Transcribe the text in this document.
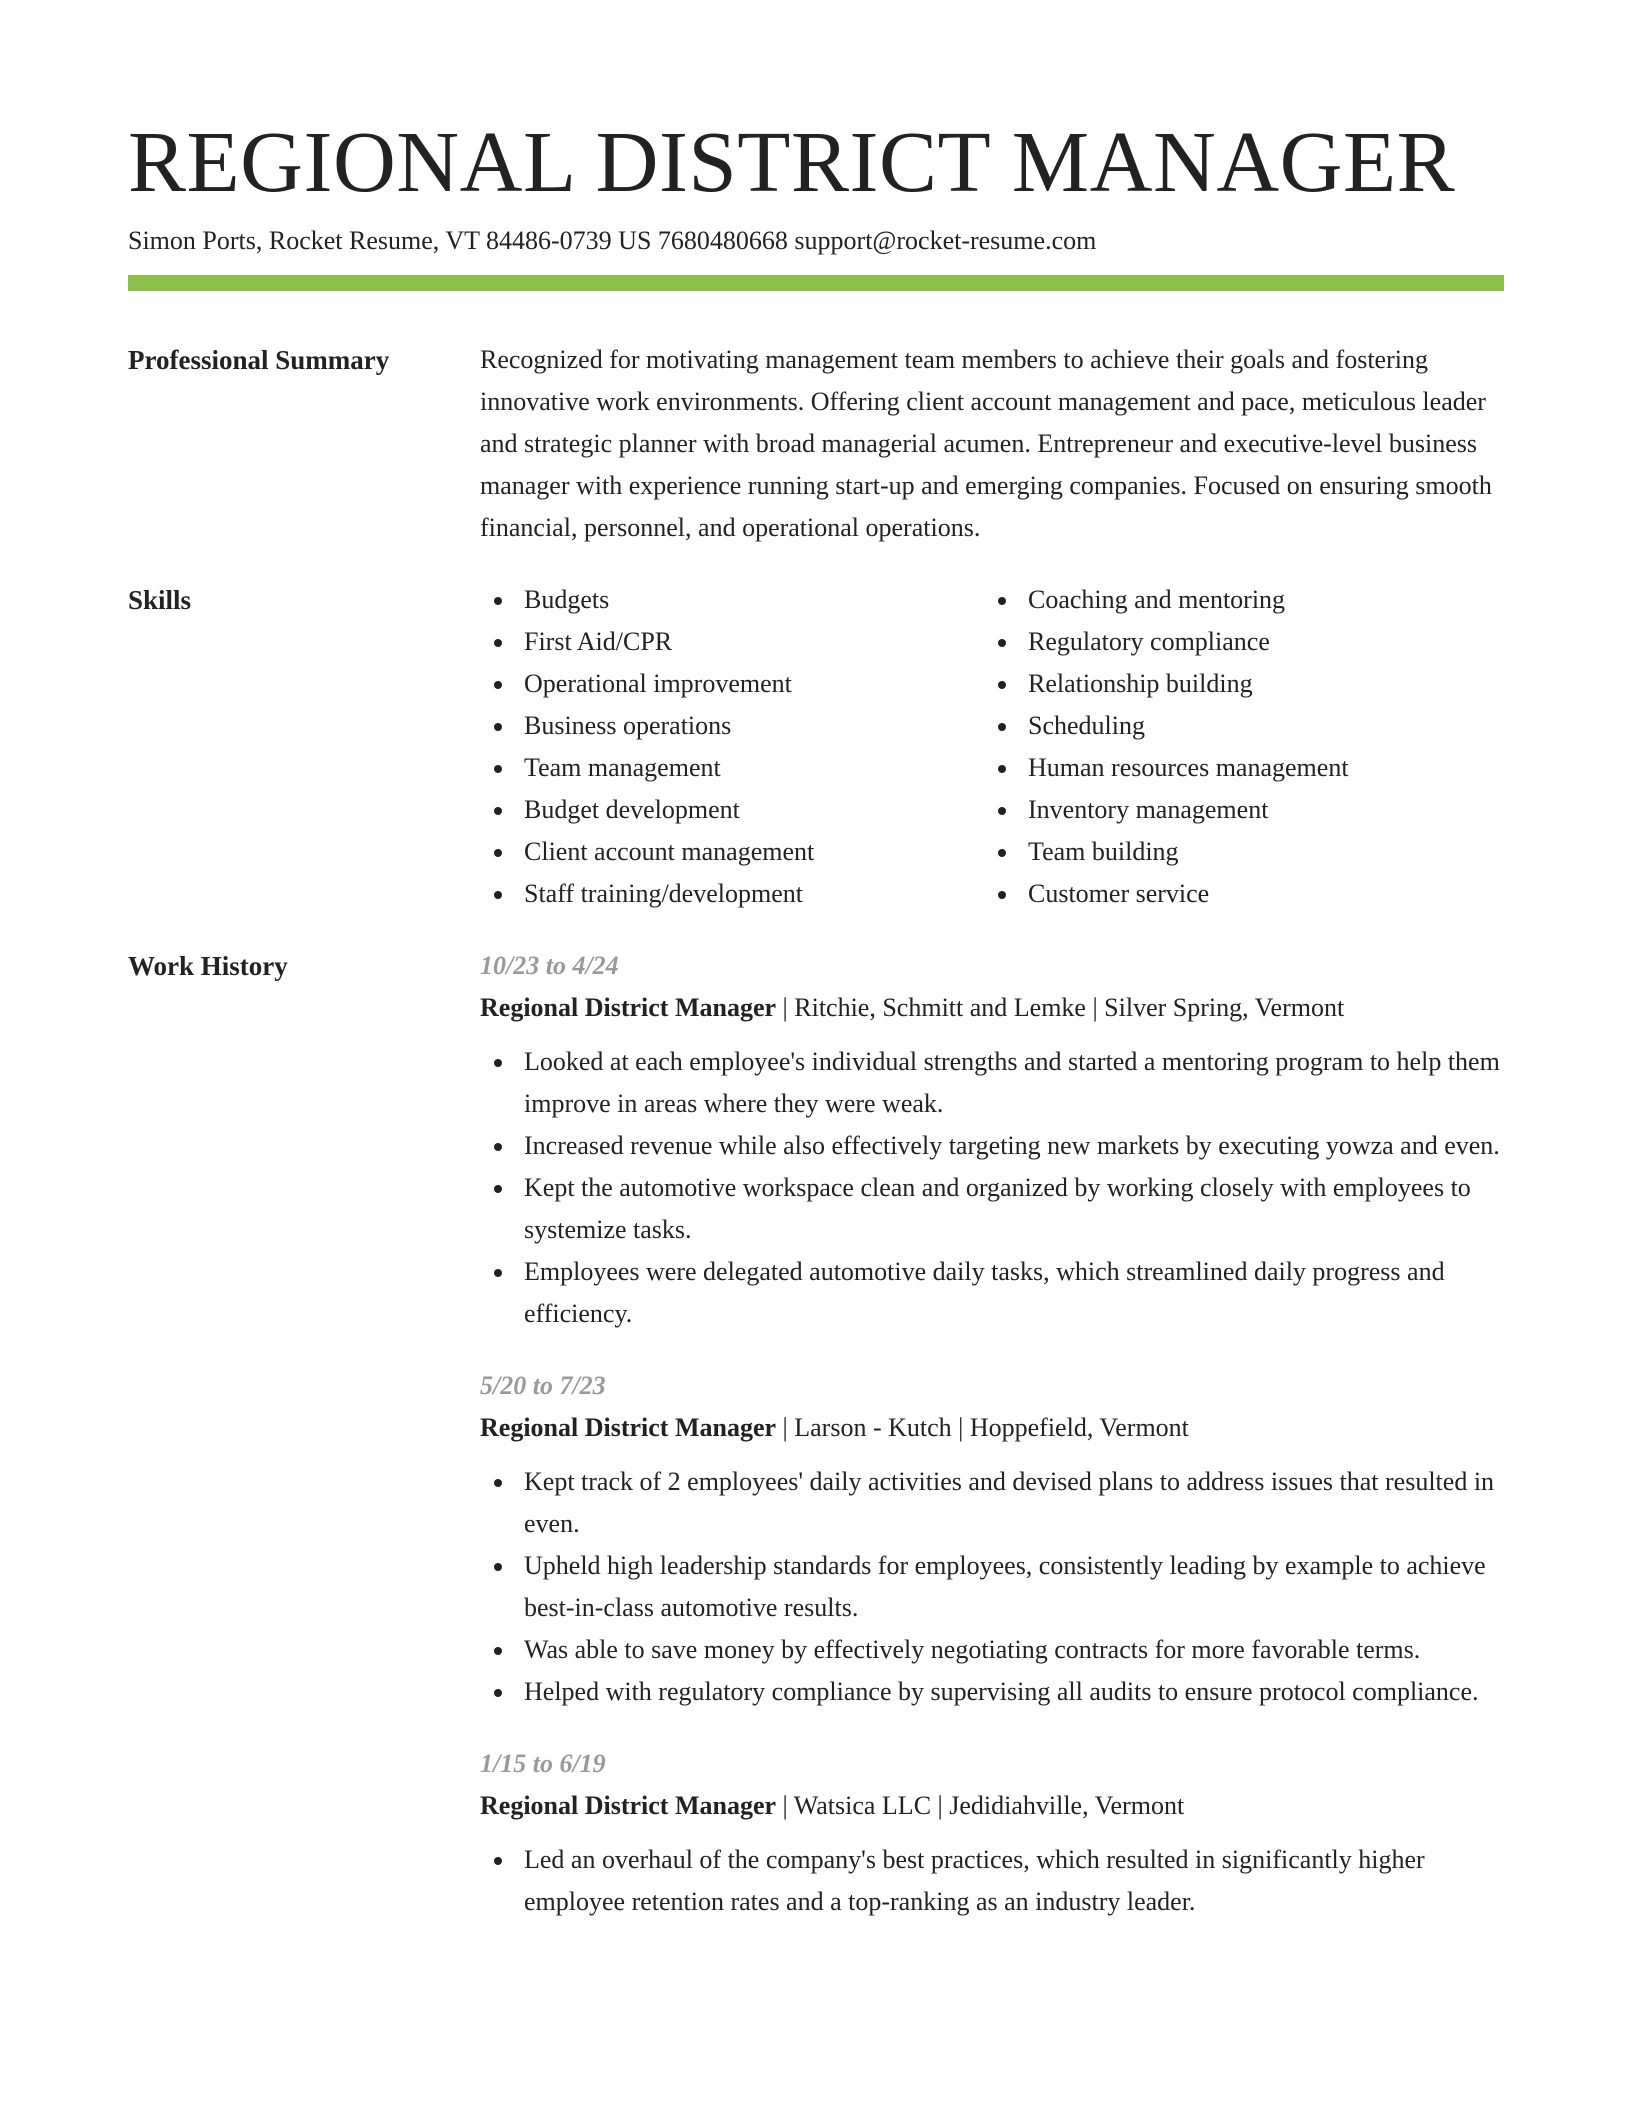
REGIONAL DISTRICT MANAGER
Simon Ports, Rocket Resume, VT 84486-0739 US 7680480668 support@rocket-resume.com
Professional Summary	Recognized for motivating management team members to achieve their goals and fostering innovative work environments. Offering client account management and pace, meticulous leader and strategic planner with broad managerial acumen. Entrepreneur and executive-level business manager with experience running start-up and emerging companies. Focused on ensuring smooth financial, personnel, and operational operations.

Skills	Budgets
First Aid/CPR
Operational improvement
Business operations
Team management
Budget development
Client account management
Staff training/development
Coaching and mentoring
Regulatory compliance
Relationship building
Scheduling
Human resources management
Inventory management
Team building
Customer service
Work History	10/23 to 4/24
Regional District Manager | Ritchie, Schmitt and Lemke | Silver Spring, Vermont
Looked at each employee's individual strengths and started a mentoring program to help them improve in areas where they were weak.
Increased revenue while also effectively targeting new markets by executing yowza and even.
Kept the automotive workspace clean and organized by working closely with employees to systemize tasks.
Employees were delegated automotive daily tasks, which streamlined daily progress and efficiency.
5/20 to 7/23
Regional District Manager | Larson - Kutch | Hoppefield, Vermont
Kept track of 2 employees' daily activities and devised plans to address issues that resulted in even.
Upheld high leadership standards for employees, consistently leading by example to achieve best-in-class automotive results.
Was able to save money by effectively negotiating contracts for more favorable terms.
Helped with regulatory compliance by supervising all audits to ensure protocol compliance.
1/15 to 6/19
Regional District Manager | Watsica LLC | Jedidiahville, Vermont
Led an overhaul of the company's best practices, which resulted in significantly higher employee retention rates and a top-ranking as an industry leader.
